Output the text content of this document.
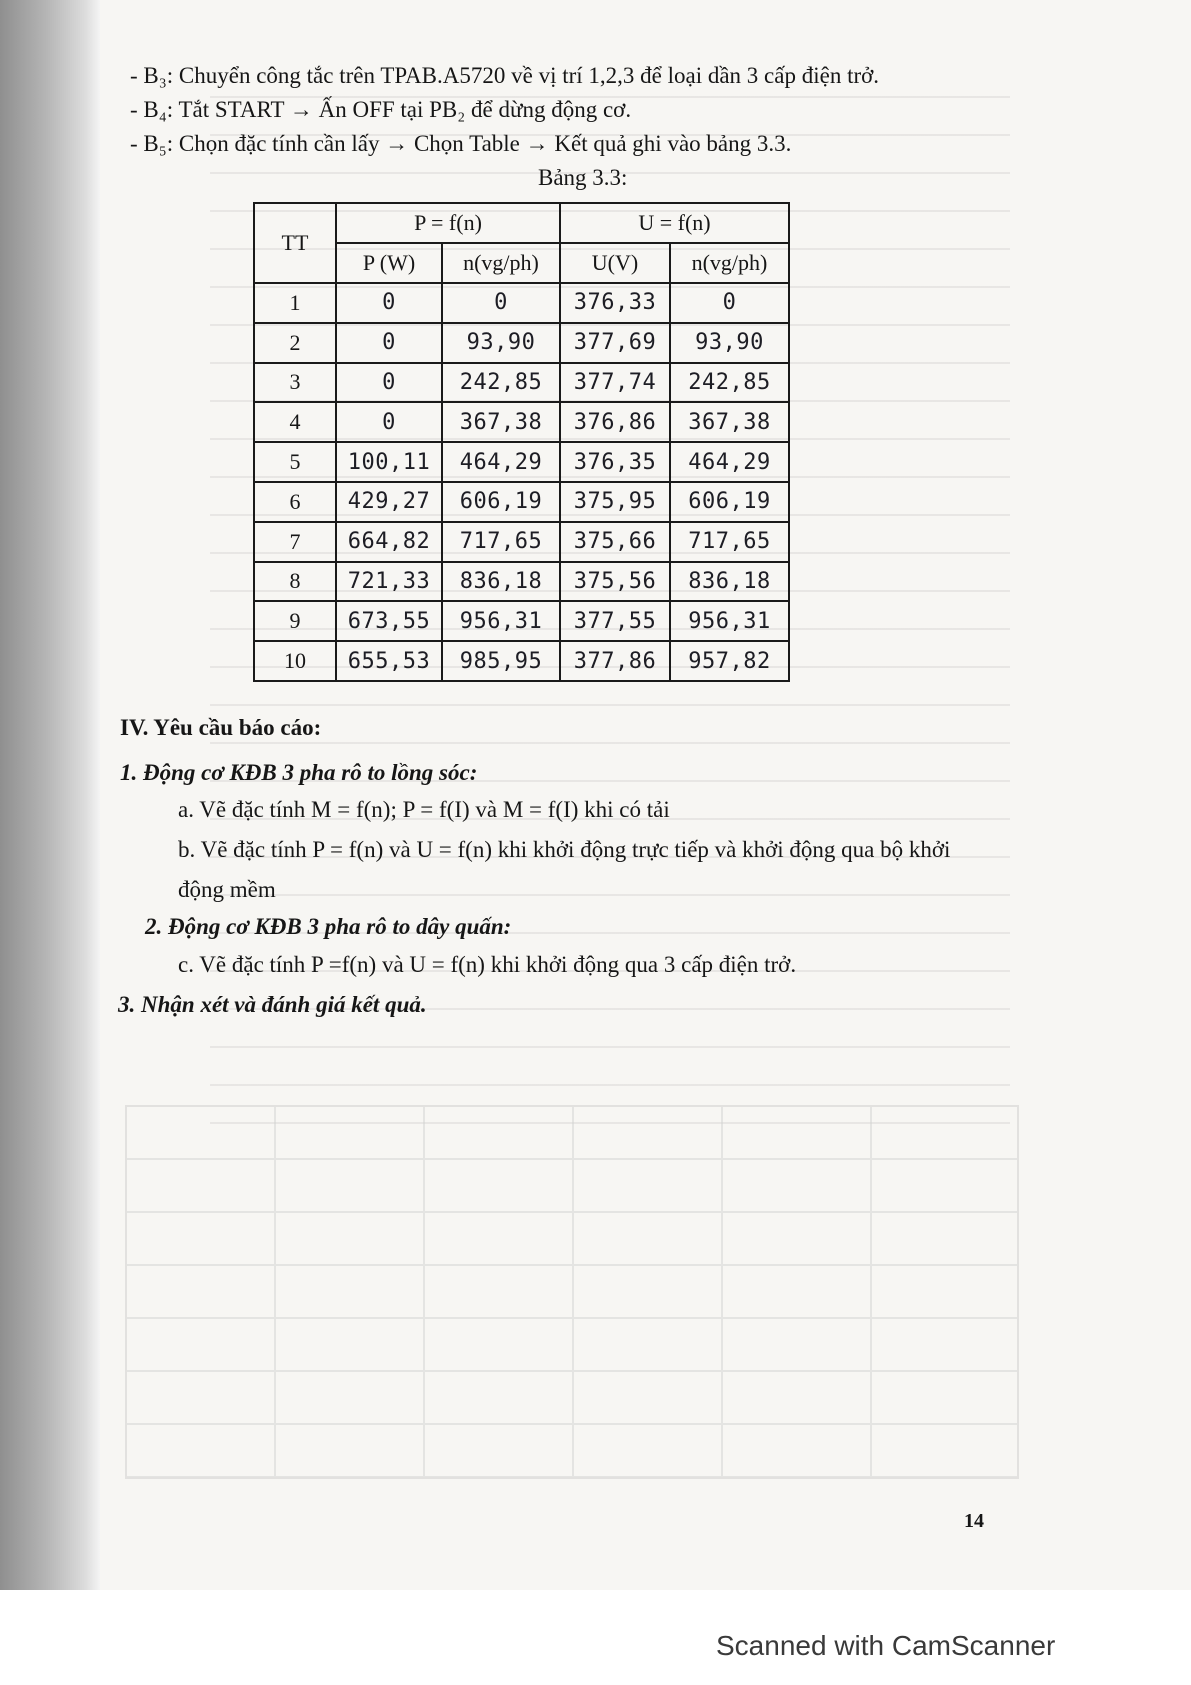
- B₃: Chuyển công tắc trên TPAB.A5720 về vị trí 1,2,3 để loại dần 3 cấp điện trở.
- B₄: Tắt START → Ấn OFF tại PB₂ để dừng động cơ.
- B₅: Chọn đặc tính cần lấy → Chọn Table → Kết quả ghi vào bảng 3.3.
Bảng 3.3:
TT	P = f(n)		U = f(n)	
	P (W)	n(vg/ph)	U(V)	n(vg/ph)
1	0	0	376,33	0
2	0	93,90	377,69	93,90
3	0	242,85	377,74	242,85
4	0	367,38	376,86	367,38
5	100,11	464,29	376,35	464,29
6	429,27	606,19	375,95	606,19
7	664,82	717,65	375,66	717,65
8	721,33	836,18	375,56	836,18
9	673,55	956,31	377,55	956,31
10	655,53	985,95	377,86	957,82
IV. Yêu cầu báo cáo:
1. Động cơ KĐB 3 pha rô to lồng sóc:
a. Vẽ đặc tính M = f(n); P = f(I) và M = f(I) khi có tải
b. Vẽ đặc tính P = f(n) và U = f(n) khi khởi động trực tiếp và khởi động qua bộ khởi
động mềm
2. Động cơ KĐB 3 pha rô to dây quấn:
c. Vẽ đặc tính P =f(n) và U = f(n) khi khởi động qua 3 cấp điện trở.
3. Nhận xét và đánh giá kết quả.
14
Scanned with CamScanner
